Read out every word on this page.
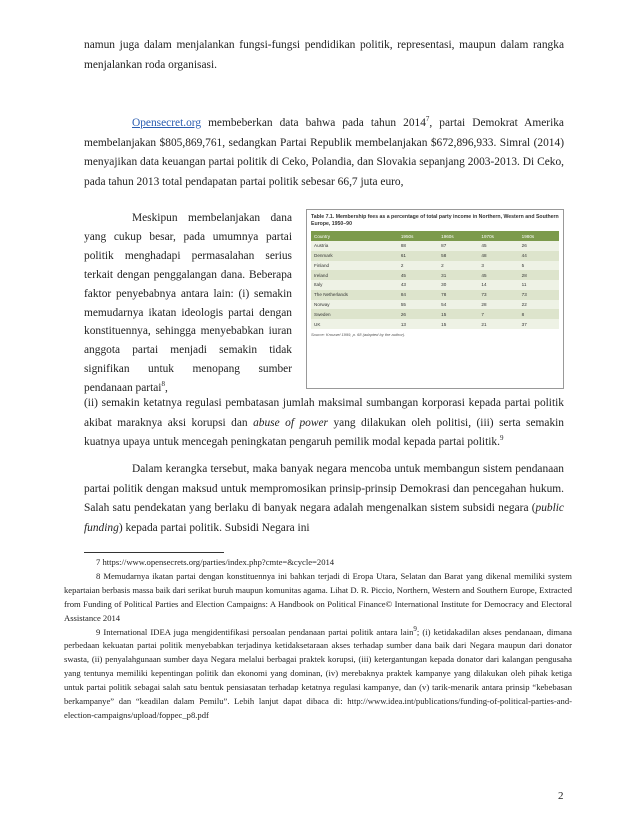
namun juga dalam menjalankan fungsi-fungsi pendidikan politik, representasi, maupun dalam rangka menjalankan roda organisasi.

Opensecret.org membeberkan data bahwa pada tahun 2014$^7$, partai Demokrat Amerika membelanjakan $805,869,761, sedangkan Partai Republik membelanjakan $672,896,933. Simral (2014) menyajikan data keuangan partai politik di Ceko, Polandia, dan Slovakia sepanjang 2003-2013. Di Ceko, pada tahun 2013 total pendapatan partai politik sebesar 66,7 juta euro,

Meskipun membelanjakan dana yang cukup besar, pada umumnya partai politik menghadapi permasalahan serius terkait dengan penggalangan dana. Beberapa faktor penyebabnya antara lain: (i) semakin memudarnya ikatan ideologis partai dengan konstituennya, sehingga menyebabkan iuran anggota partai menjadi semakin tidak signifikan untuk menopang sumber pendanaan partai$^8$,

Table 7.1. Membership fees as a percentage of total party income in Northern, Western and Southern Europe, 1950–90
Country	1950s	1960s	1970s	1980s
Austria	88	87	45	26
Denmark	61	58	48	44
Finland	2	2	3	5
Ireland	45	31	45	28
Italy	43	30	14	11
The Netherlands	84	78	73	73
Norway	55	54	28	22
Sweden	26	15	7	8
UK	13	15	21	37
Source: Krouwel 1999, p. 68 (adapted by the author).

(ii) semakin ketatnya regulasi pembatasan jumlah maksimal sumbangan korporasi kepada partai politik akibat maraknya aksi korupsi dan abuse of power yang dilakukan oleh politisi, (iii) serta semakin kuatnya upaya untuk mencegah peningkatan pengaruh pemilik modal kepada partai politik.$^9$

Dalam kerangka tersebut, maka banyak negara mencoba untuk membangun sistem pendanaan partai politik dengan maksud untuk mempromosikan prinsip-prinsip Demokrasi dan pencegahan hukum. Salah satu pendekatan yang berlaku di banyak negara adalah mengenalkan sistem subsidi negara (public funding) kepada partai politik. Subsidi Negara ini

7 https://www.opensecrets.org/parties/index.php?cmte=&cycle=2014

8 Memudarnya ikatan partai dengan konstituennya ini bahkan terjadi di Eropa Utara, Selatan dan Barat yang dikenal memiliki system kepartaian berbasis massa baik dari serikat buruh maupun komunitas agama. Lihat D. R. Piccio, Northern, Western and Southern Europe, Extracted from Funding of Political Parties and Election Campaigns: A Handbook on Political Finance© International Institute for Democracy and Electoral Assistance 2014

9 International IDEA juga mengidentifikasi persoalan pendanaan partai politik antara lain$^9$; (i) ketidakadilan akses pendanaan, dimana perbedaan kekuatan partai politik menyebabkan terjadinya ketidaksetaraan akses terhadap sumber dana baik dari Negara maupun dari donator swasta, (ii) penyalahgunaan sumber daya Negara melalui berbagai praktek korupsi, (iii) ketergantungan kepada donator dari kalangan pengusaha yang tentunya memiliki kepentingan politik dan ekonomi yang dominan, (iv) merebaknya praktek kampanye yang dilakukan oleh pihak ketiga untuk partai politik sebagai salah satu bentuk pensiasatan terhadap ketatnya regulasi kampanye, dan (v) tarik-menarik antara prinsip “kebebasan berkampanye” dan “keadilan dalam Pemilu”. Lebih lanjut dapat dibaca di: http://www.idea.int/publications/funding-of-political-parties-and-election-campaigns/upload/foppec_p8.pdf

2
